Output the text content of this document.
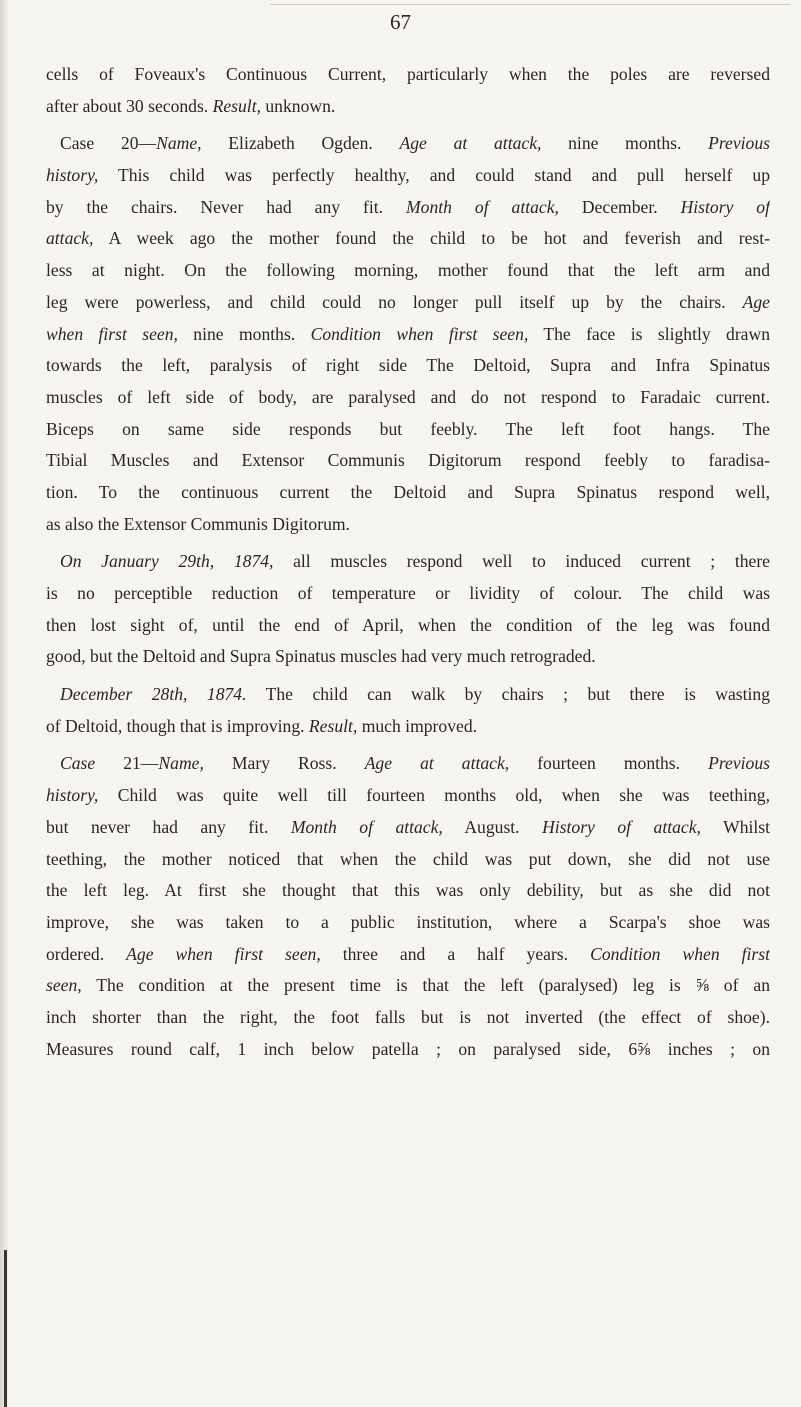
67
cells of Foveaux's Continuous Current, particularly when the poles are reversed
after about 30 seconds. Result, unknown.
Case 20—Name, Elizabeth Ogden. Age at attack, nine months. Previous
history, This child was perfectly healthy, and could stand and pull herself up
by the chairs. Never had any fit. Month of attack, December. History of
attack, A week ago the mother found the child to be hot and feverish and rest-
less at night. On the following morning, mother found that the left arm and
leg were powerless, and child could no longer pull itself up by the chairs. Age
when first seen, nine months. Condition when first seen, The face is slightly drawn
towards the left, paralysis of right side The Deltoid, Supra and Infra Spinatus
muscles of left side of body, are paralysed and do not respond to Faradaic current.
Biceps on same side responds but feebly. The left foot hangs. The
Tibial Muscles and Extensor Communis Digitorum respond feebly to faradisa-
tion. To the continuous current the Deltoid and Supra Spinatus respond well,
as also the Extensor Communis Digitorum.
On January 29th, 1874, all muscles respond well to induced current ; there
is no perceptible reduction of temperature or lividity of colour. The child was
then lost sight of, until the end of April, when the condition of the leg was found
good, but the Deltoid and Supra Spinatus muscles had very much retrograded.
December 28th, 1874. The child can walk by chairs ; but there is wasting
of Deltoid, though that is improving. Result, much improved.
Case 21—Name, Mary Ross. Age at attack, fourteen months. Previous
history, Child was quite well till fourteen months old, when she was teething,
but never had any fit. Month of attack, August. History of attack, Whilst
teething, the mother noticed that when the child was put down, she did not use
the left leg. At first she thought that this was only debility, but as she did not
improve, she was taken to a public institution, where a Scarpa's shoe was
ordered. Age when first seen, three and a half years. Condition when first
seen, The condition at the present time is that the left (paralysed) leg is ⅝ of an
inch shorter than the right, the foot falls but is not inverted (the effect of shoe).
Measures round calf, 1 inch below patella ; on paralysed side, 6⅝ inches ; on
